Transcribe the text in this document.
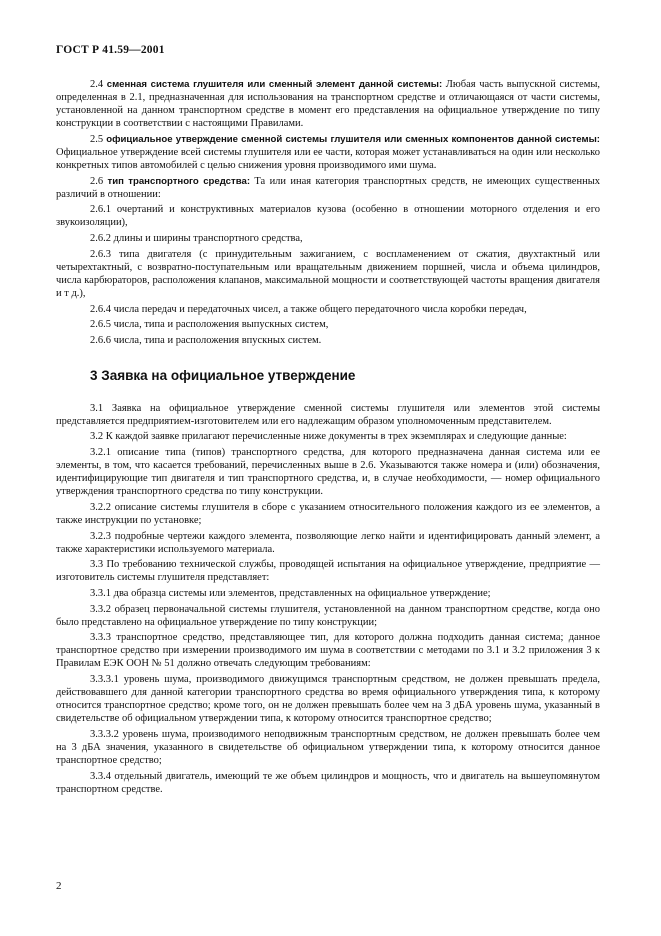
ГОСТ Р 41.59—2001

2.4 сменная система глушителя или сменный элемент данной системы: Любая часть выпускной системы, определенная в 2.1, предназначенная для использования на транспортном средстве и отличающаяся от части системы, установленной на данном транспортном средстве в момент его представления на официальное утверждение по типу конструкции в соответствии с настоящими Правилами.

2.5 официальное утверждение сменной системы глушителя или сменных компонентов данной системы: Официальное утверждение всей системы глушителя или ее части, которая может устанавливаться на один или несколько конкретных типов автомобилей с целью снижения уровня производимого ими шума.

2.6 тип транспортного средства: Та или иная категория транспортных средств, не имеющих существенных различий в отношении:

2.6.1 очертаний и конструктивных материалов кузова (особенно в отношении моторного отделения и его звукоизоляции),

2.6.2 длины и ширины транспортного средства,

2.6.3 типа двигателя (с принудительным зажиганием, с воспламенением от сжатия, двухтактный или четырехтактный, с возвратно-поступательным или вращательным движением поршней, числа и объема цилиндров, числа карбюраторов, расположения клапанов, максимальной мощности и соответствующей частоты вращения двигателя и т д.),

2.6.4 числа передач и передаточных чисел, а также общего передаточного числа коробки передач,

2.6.5 числа, типа и расположения выпускных систем,

2.6.6 числа, типа и расположения впускных систем.

3 Заявка на официальное утверждение

3.1 Заявка на официальное утверждение сменной системы глушителя или элементов этой системы представляется предприятием-изготовителем или его надлежащим образом уполномоченным представителем.

3.2 К каждой заявке прилагают перечисленные ниже документы в трех экземплярах и следующие данные:

3.2.1 описание типа (типов) транспортного средства, для которого предназначена данная система или ее элементы, в том, что касается требований, перечисленных выше в 2.6. Указываются также номера и (или) обозначения, идентифицирующие тип двигателя и тип транспортного средства, и, в случае необходимости, — номер официального утверждения транспортного средства по типу конструкции.

3.2.2 описание системы глушителя в сборе с указанием относительного положения каждого из ее элементов, а также инструкции по установке;

3.2.3 подробные чертежи каждого элемента, позволяющие легко найти и идентифицировать данный элемент, а также характеристики используемого материала.

3.3 По требованию технической службы, проводящей испытания на официальное утверждение, предприятие — изготовитель системы глушителя представляет:

3.3.1 два образца системы или элементов, представленных на официальное утверждение;

3.3.2 образец первоначальной системы глушителя, установленной на данном транспортном средстве, когда оно было представлено на официальное утверждение по типу конструкции;

3.3.3 транспортное средство, представляющее тип, для которого должна подходить данная система; данное транспортное средство при измерении производимого им шума в соответствии с методами по 3.1 и 3.2 приложения 3 к Правилам ЕЭК ООН № 51 должно отвечать следующим требованиям:

3.3.3.1 уровень шума, производимого движущимся транспортным средством, не должен превышать предела, действовавшего для данной категории транспортного средства во время официального утверждения типа, к которому относится транспортное средство; кроме того, он не должен превышать более чем на 3 дБА уровень шума, указанный в свидетельстве об официальном утверждении типа, к которому относится транспортное средство;

3.3.3.2 уровень шума, производимого неподвижным транспортным средством, не должен превышать более чем на 3 дБА значения, указанного в свидетельстве об официальном утверждении типа, к которому относится данное транспортное средство;

3.3.4 отдельный двигатель, имеющий те же объем цилиндров и мощность, что и двигатель на вышеупомянутом транспортном средстве.

2
